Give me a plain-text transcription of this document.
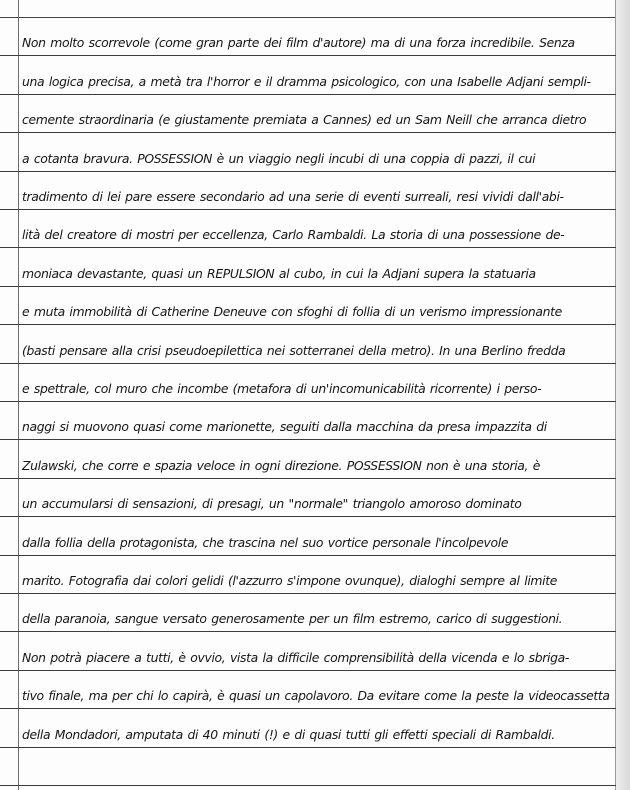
Non molto scorrevole (come gran parte dei film d'autore) ma di una forza incredibile. Senza
una logica precisa, a metà tra l'horror e il dramma psicologico, con una Isabelle Adjani sempli-
cemente straordinaria (e giustamente premiata a Cannes) ed un Sam Neill che arranca dietro
a cotanta bravura. POSSESSION è un viaggio negli incubi di una coppia di pazzi, il cui
tradimento di lei pare essere secondario ad una serie di eventi surreali, resi vividi dall'abi-
lità del creatore di mostri per eccellenza, Carlo Rambaldi. La storia di una possessione de-
moniaca devastante, quasi un REPULSION al cubo, in cui la Adjani supera la statuaria
e muta immobilità di Catherine Deneuve con sfoghi di follia di un verismo impressionante
(basti pensare alla crisi pseudoepilettica nei sotterranei della metro). In una Berlino fredda
e spettrale, col muro che incombe (metafora di un'incomunicabilità ricorrente) i perso-
naggi si muovono quasi come marionette, seguiti dalla macchina da presa impazzita di
Zulawski, che corre e spazia veloce in ogni direzione. POSSESSION non è una storia, è
un accumularsi di sensazioni, di presagi, un "normale" triangolo amoroso dominato
dalla follia della protagonista, che trascina nel suo vortice personale l'incolpevole
marito. Fotografia dai colori gelidi (l'azzurro s'impone ovunque), dialoghi sempre al limite
della paranoia, sangue versato generosamente per un film estremo, carico di suggestioni.
Non potrà piacere a tutti, è ovvio, vista la difficile comprensibilità della vicenda e lo sbriga-
tivo finale, ma per chi lo capirà, è quasi un capolavoro. Da evitare come la peste la videocassetta
della Mondadori, amputata di 40 minuti (!) e di quasi tutti gli effetti speciali di Rambaldi.
